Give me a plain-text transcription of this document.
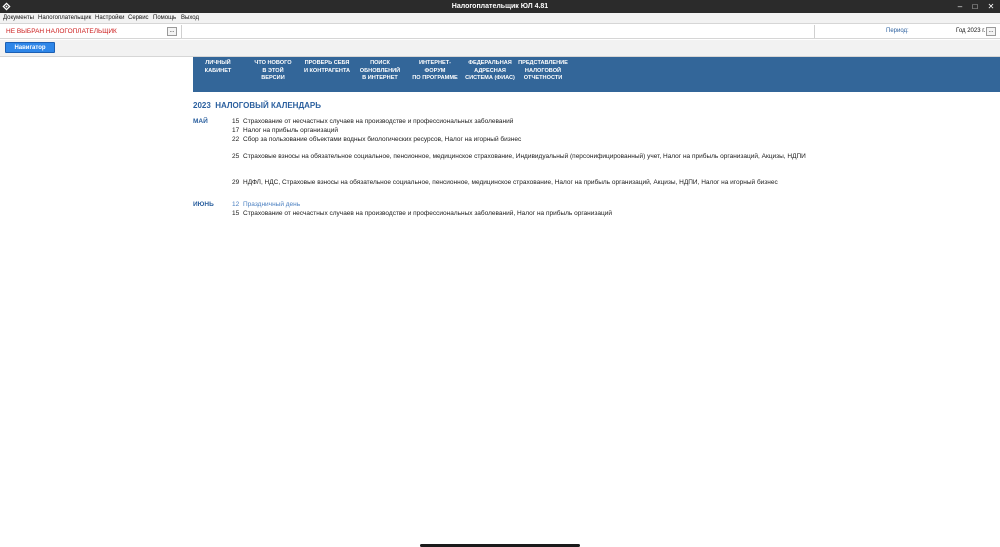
Налогоплательщик ЮЛ 4.81	–	□	✕
Документы Налогоплательщик Настройки Сервис Помощь Выход
НЕ ВЫБРАН НАЛОГОПЛАТЕЛЬЩИК	...	Период:	Год 2023 г. ...
Навигатор
ЛИЧНЫЙ
КАБИНЕТ
ЧТО НОВОГО
В ЭТОЙ
ВЕРСИИ
ПРОВЕРЬ СЕБЯ
И КОНТРАГЕНТА
ПОИСК
ОБНОВЛЕНИЙ
В ИНТЕРНЕТ
ИНТЕРНЕТ-
ФОРУМ
ПО ПРОГРАММЕ
ФЕДЕРАЛЬНАЯ
АДРЕСНАЯ
СИСТЕМА (ФИАС)
ПРЕДСТАВЛЕНИЕ
НАЛОГОВОЙ
ОТЧЕТНОСТИ
2023 НАЛОГОВЫЙ КАЛЕНДАРЬ
МАЙ	15 Страхование от несчастных случаев на производстве и профессиональных заболеваний
17 Налог на прибыль организаций
22 Сбор за пользование объектами водных биологических ресурсов, Налог на игорный бизнес
25 Страховые взносы на обязательное социальное, пенсионное, медицинское страхование, Индивидуальный (персонифицированный) учет, Налог на прибыль организаций, Акцизы, НДПИ
29 НДФЛ, НДС, Страховые взносы на обязательное социальное, пенсионное, медицинское страхование, Налог на прибыль организаций, Акцизы, НДПИ, Налог на игорный бизнес
ИЮНЬ	12 Праздничный день
15 Страхование от несчастных случаев на производстве и профессиональных заболеваний, Налог на прибыль организаций
